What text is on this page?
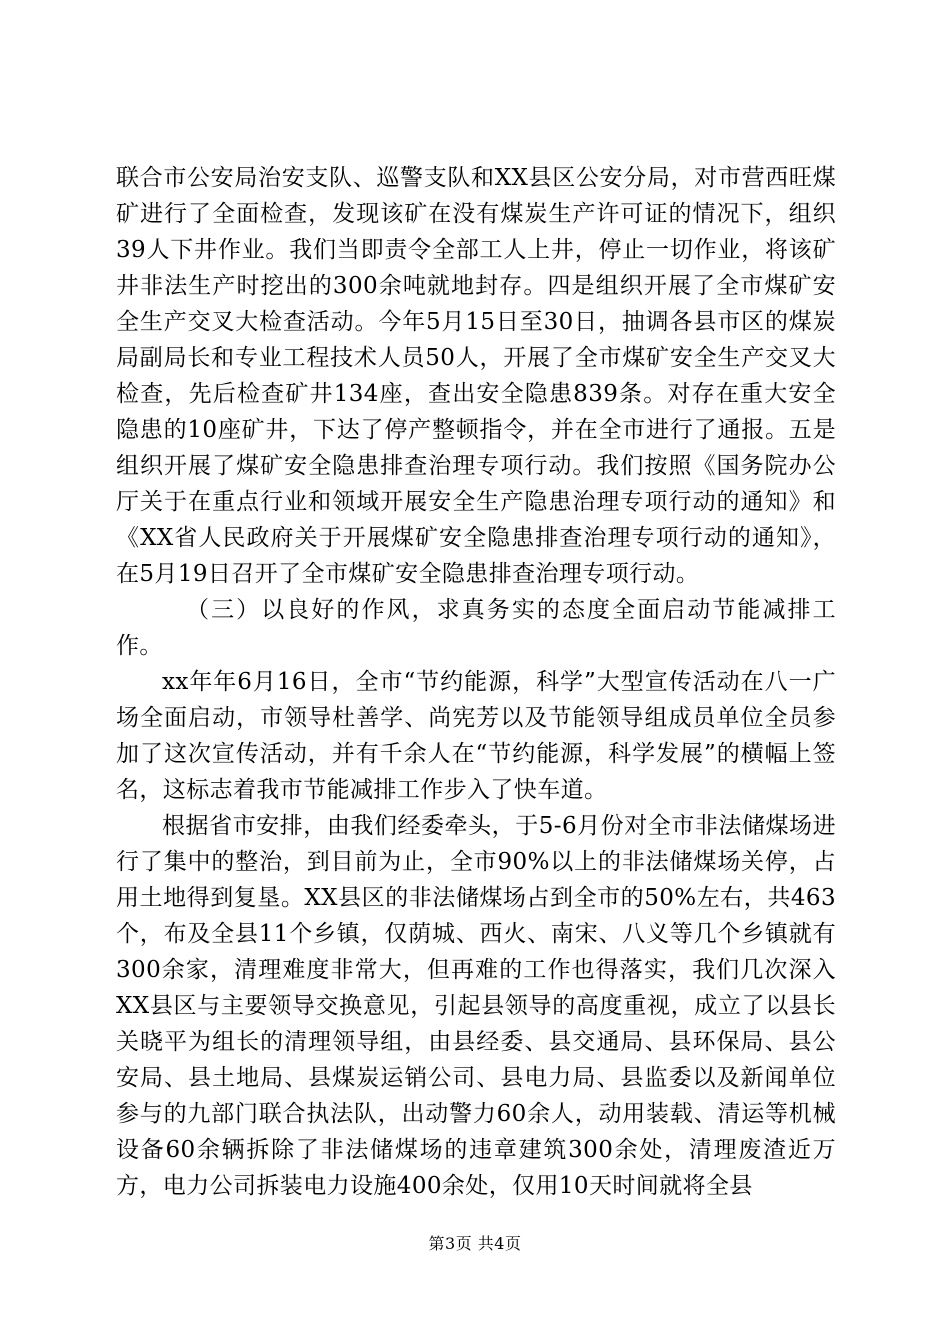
联合市公安局治安支队、巡警支队和XX县区公安分局，对市营西旺煤矿进行了全面检查，发现该矿在没有煤炭生产许可证的情况下，组织39人下井作业。我们当即责令全部工人上井，停止一切作业，将该矿井非法生产时挖出的300余吨就地封存。四是组织开展了全市煤矿安全生产交叉大检查活动。今年5月15日至30日，抽调各县市区的煤炭局副局长和专业工程技术人员50人，开展了全市煤矿安全生产交叉大检查，先后检查矿井134座，查出安全隐患839条。对存在重大安全隐患的10座矿井，下达了停产整顿指令，并在全市进行了通报。五是组织开展了煤矿安全隐患排查治理专项行动。我们按照《国务院办公厅关于在重点行业和领域开展安全生产隐患治理专项行动的通知》和《XX省人民政府关于开展煤矿安全隐患排查治理专项行动的通知》，在5月19日召开了全市煤矿安全隐患排查治理专项行动。

（三）以良好的作风，求真务实的态度全面启动节能减排工作。

xx年年6月16日，全市“节约能源，科学”大型宣传活动在八一广场全面启动，市领导杜善学、尚宪芳以及节能领导组成员单位全员参加了这次宣传活动，并有千余人在“节约能源，科学发展”的横幅上签名，这标志着我市节能减排工作步入了快车道。

根据省市安排，由我们经委牵头，于5-6月份对全市非法储煤场进行了集中的整治，到目前为止，全市90%以上的非法储煤场关停，占用土地得到复垦。XX县区的非法储煤场占到全市的50%左右，共463个，布及全县11个乡镇，仅荫城、西火、南宋、八义等几个乡镇就有300余家，清理难度非常大，但再难的工作也得落实，我们几次深入XX县区与主要领导交换意见，引起县领导的高度重视，成立了以县长关晓平为组长的清理领导组，由县经委、县交通局、县环保局、县公安局、县土地局、县煤炭运销公司、县电力局、县监委以及新闻单位参与的九部门联合执法队，出动警力60余人，动用装载、清运等机械设备60余辆拆除了非法储煤场的违章建筑300余处，清理废渣近万方，电力公司拆装电力设施400余处，仅用10天时间就将全县

第3页 共4页
